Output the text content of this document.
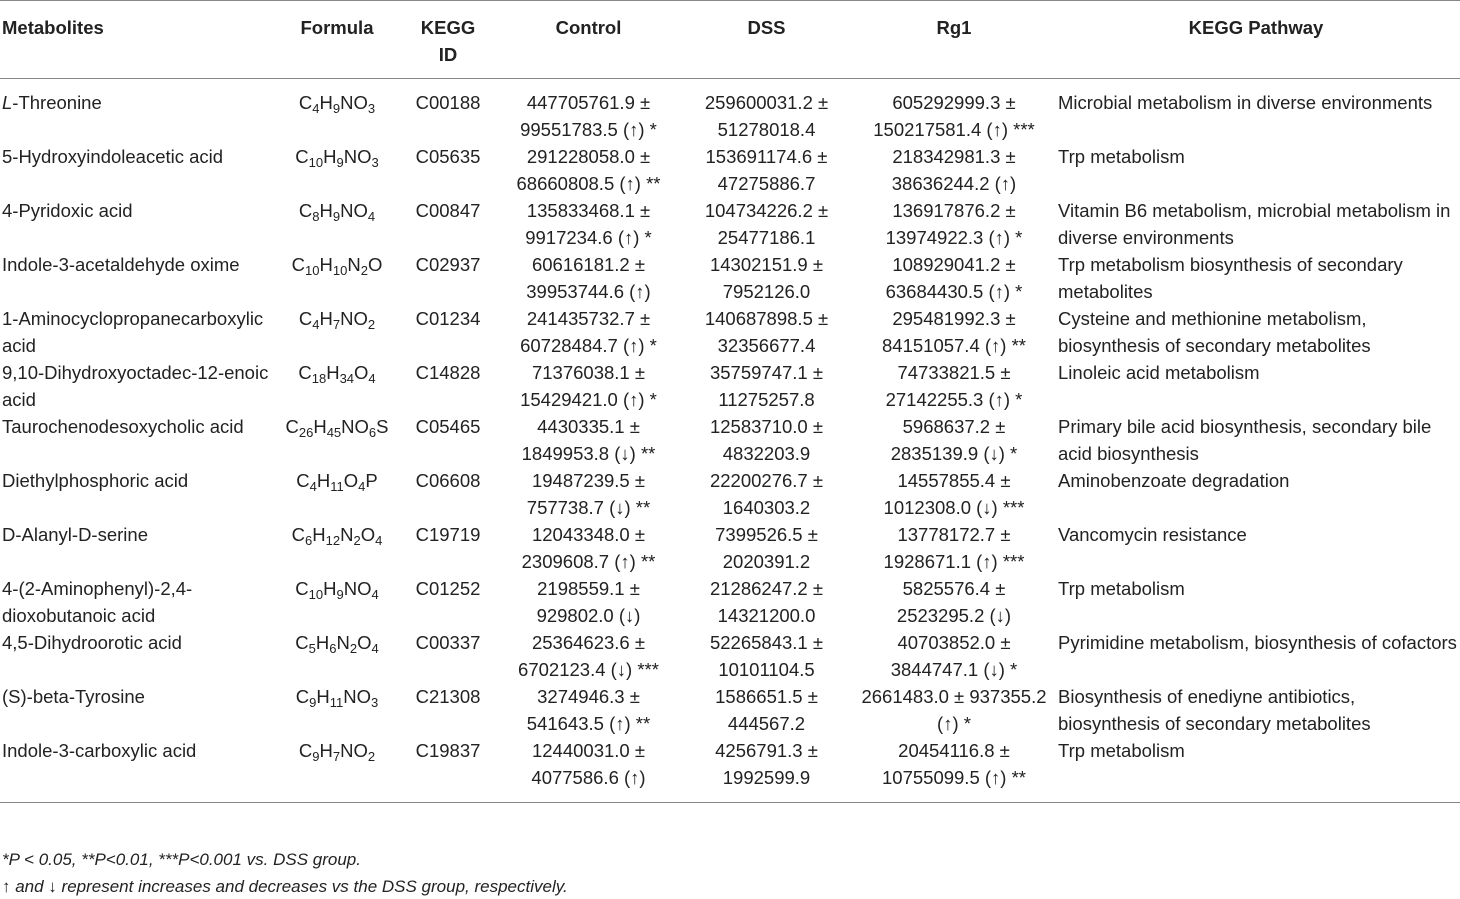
Metabolites	Formula	KEGG ID	Control	DSS	Rg1	KEGG Pathway
L-Threonine	$C_4H_9NO_3$	C00188	447705761.9 ± 99551783.5 (↑) *	259600031.2 ± 51278018.4	605292999.3 ± 150217581.4 (↑) ***	Microbial metabolism in diverse environments
5-Hydroxyindoleacetic acid	$C_{10}H_9NO_3$	C05635	291228058.0 ± 68660808.5 (↑) **	153691174.6 ± 47275886.7	218342981.3 ± 38636244.2 (↑)	Trp metabolism
4-Pyridoxic acid	$C_8H_9NO_4$	C00847	135833468.1 ± 9917234.6 (↑) *	104734226.2 ± 25477186.1	136917876.2 ± 13974922.3 (↑) *	Vitamin B6 metabolism, microbial metabolism in diverse environments
Indole-3-acetaldehyde oxime	$C_{10}H_{10}N_2O$	C02937	60616181.2 ± 39953744.6 (↑)	14302151.9 ± 7952126.0	108929041.2 ± 63684430.5 (↑) *	Trp metabolism biosynthesis of secondary metabolites
1-Aminocyclopropanecarboxylic acid	$C_4H_7NO_2$	C01234	241435732.7 ± 60728484.7 (↑) *	140687898.5 ± 32356677.4	295481992.3 ± 84151057.4 (↑) **	Cysteine and methionine metabolism, biosynthesis of secondary metabolites
9,10-Dihydroxyoctadec-12-enoic acid	$C_{18}H_{34}O_4$	C14828	71376038.1 ± 15429421.0 (↑) *	35759747.1 ± 11275257.8	74733821.5 ± 27142255.3 (↑) *	Linoleic acid metabolism
Taurochenodesoxycholic acid	$C_{26}H_{45}NO_6S$	C05465	4430335.1 ± 1849953.8 (↓) **	12583710.0 ± 4832203.9	5968637.2 ± 2835139.9 (↓) *	Primary bile acid biosynthesis, secondary bile acid biosynthesis
Diethylphosphoric acid	$C_4H_{11}O_4P$	C06608	19487239.5 ± 757738.7 (↓) **	22200276.7 ± 1640303.2	14557855.4 ± 1012308.0 (↓) ***	Aminobenzoate degradation
D-Alanyl-D-serine	$C_6H_{12}N_2O_4$	C19719	12043348.0 ± 2309608.7 (↑) **	7399526.5 ± 2020391.2	13778172.7 ± 1928671.1 (↑) ***	Vancomycin resistance
4-(2-Aminophenyl)-2,4-dioxobutanoic acid	$C_{10}H_9NO_4$	C01252	2198559.1 ± 929802.0 (↓)	21286247.2 ± 14321200.0	5825576.4 ± 2523295.2 (↓)	Trp metabolism
4,5-Dihydroorotic acid	$C_5H_6N_2O_4$	C00337	25364623.6 ± 6702123.4 (↓) ***	52265843.1 ± 10101104.5	40703852.0 ± 3844747.1 (↓) *	Pyrimidine metabolism, biosynthesis of cofactors
(S)-beta-Tyrosine	$C_9H_{11}NO_3$	C21308	3274946.3 ± 541643.5 (↑) **	1586651.5 ± 444567.2	2661483.0 ± 937355.2 (↑) *	Biosynthesis of enediyne antibiotics, biosynthesis of secondary metabolites
Indole-3-carboxylic acid	$C_9H_7NO_2$	C19837	12440031.0 ± 4077586.6 (↑)	4256791.3 ± 1992599.9	20454116.8 ± 10755099.5 (↑) **	Trp metabolism
*P < 0.05, **P<0.01, ***P<0.001 vs. DSS group.
↑ and ↓ represent increases and decreases vs the DSS group, respectively.
